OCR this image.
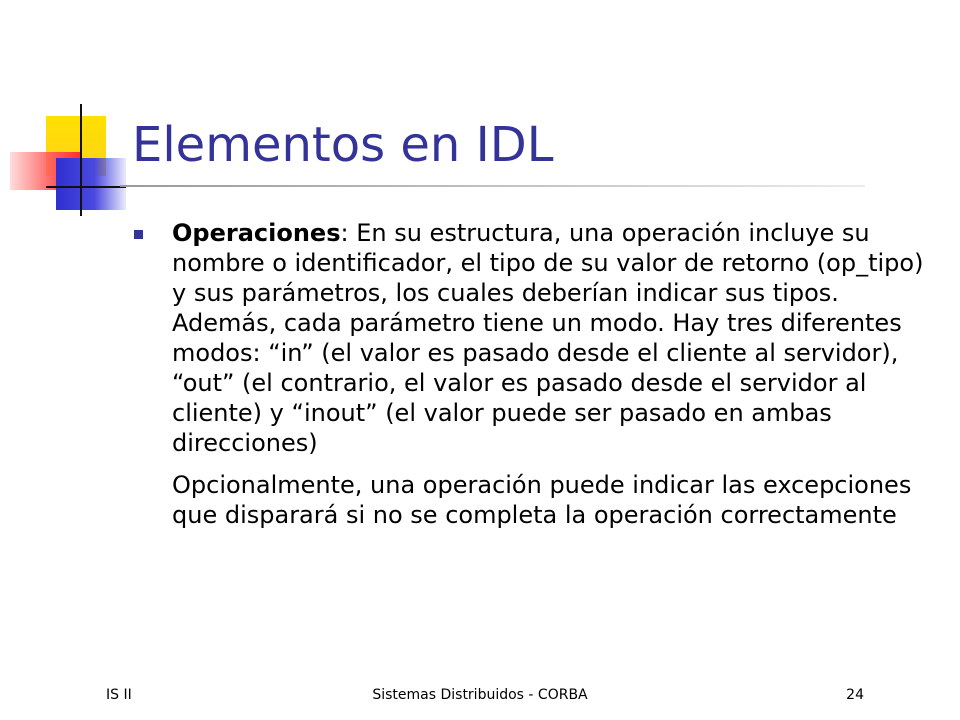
Elementos en IDL
Operaciones: En su estructura, una operación incluye su nombre o identificador, el tipo de su valor de retorno (op_tipo) y sus parámetros, los cuales deberían indicar sus tipos. Además, cada parámetro tiene un modo. Hay tres diferentes modos: “in” (el valor es pasado desde el cliente al servidor), “out” (el contrario, el valor es pasado desde el servidor al cliente) y “inout” (el valor puede ser pasado en ambas direcciones)
Opcionalmente, una operación puede indicar las excepciones que disparará si no se completa la operación correctamente
IS II	Sistemas Distribuidos - CORBA	24
